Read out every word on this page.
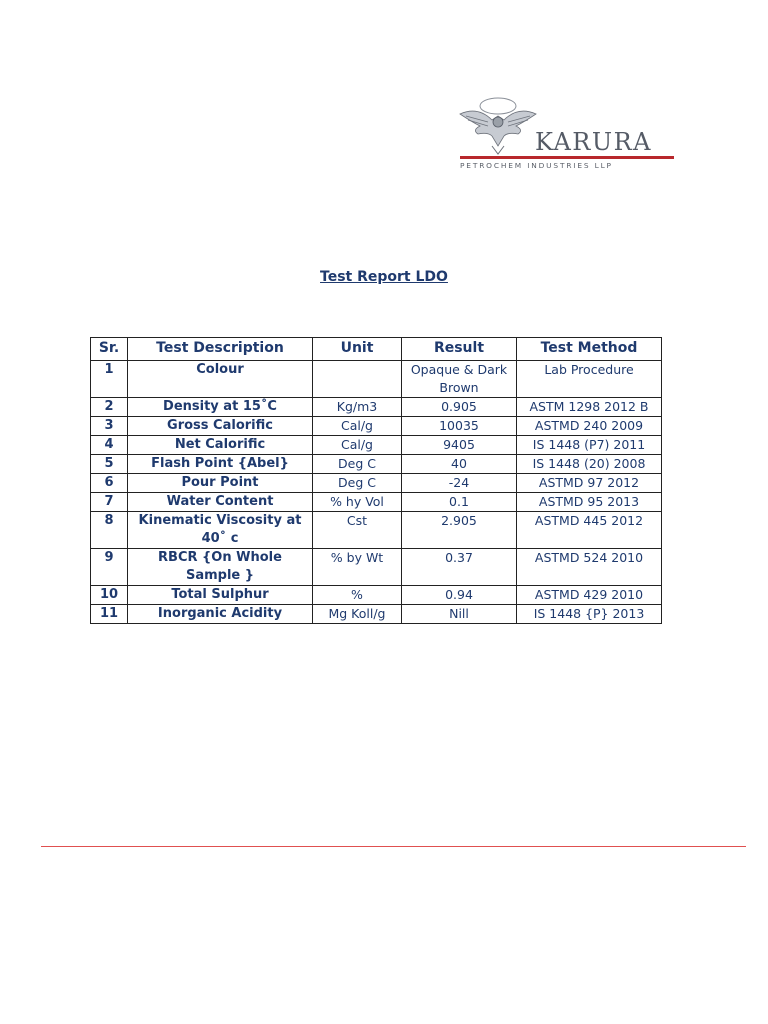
KARURA
PETROCHEM INDUSTRIES LLP
Test Report LDO
Sr.	Test Description	Unit	Result	Test Method
1	Colour		Opaque & Dark Brown	Lab Procedure
2	Density at 15˚C	Kg/m3	0.905	ASTM 1298 2012 B
3	Gross Calorific	Cal/g	10035	ASTMD 240 2009
4	Net Calorific	Cal/g	9405	IS 1448 (P7) 2011
5	Flash Point {Abel}	Deg C	40	IS 1448 (20) 2008
6	Pour Point	Deg C	-24	ASTMD 97 2012
7	Water Content	% hy Vol	0.1	ASTMD 95 2013
8	Kinematic Viscosity at 40˚ c	Cst	2.905	ASTMD 445 2012
9	RBCR {On Whole Sample }	% by Wt	0.37	ASTMD 524 2010
10	Total Sulphur	%	0.94	ASTMD 429 2010
11	Inorganic Acidity	Mg Koll/g	Nill	IS 1448 {P} 2013
